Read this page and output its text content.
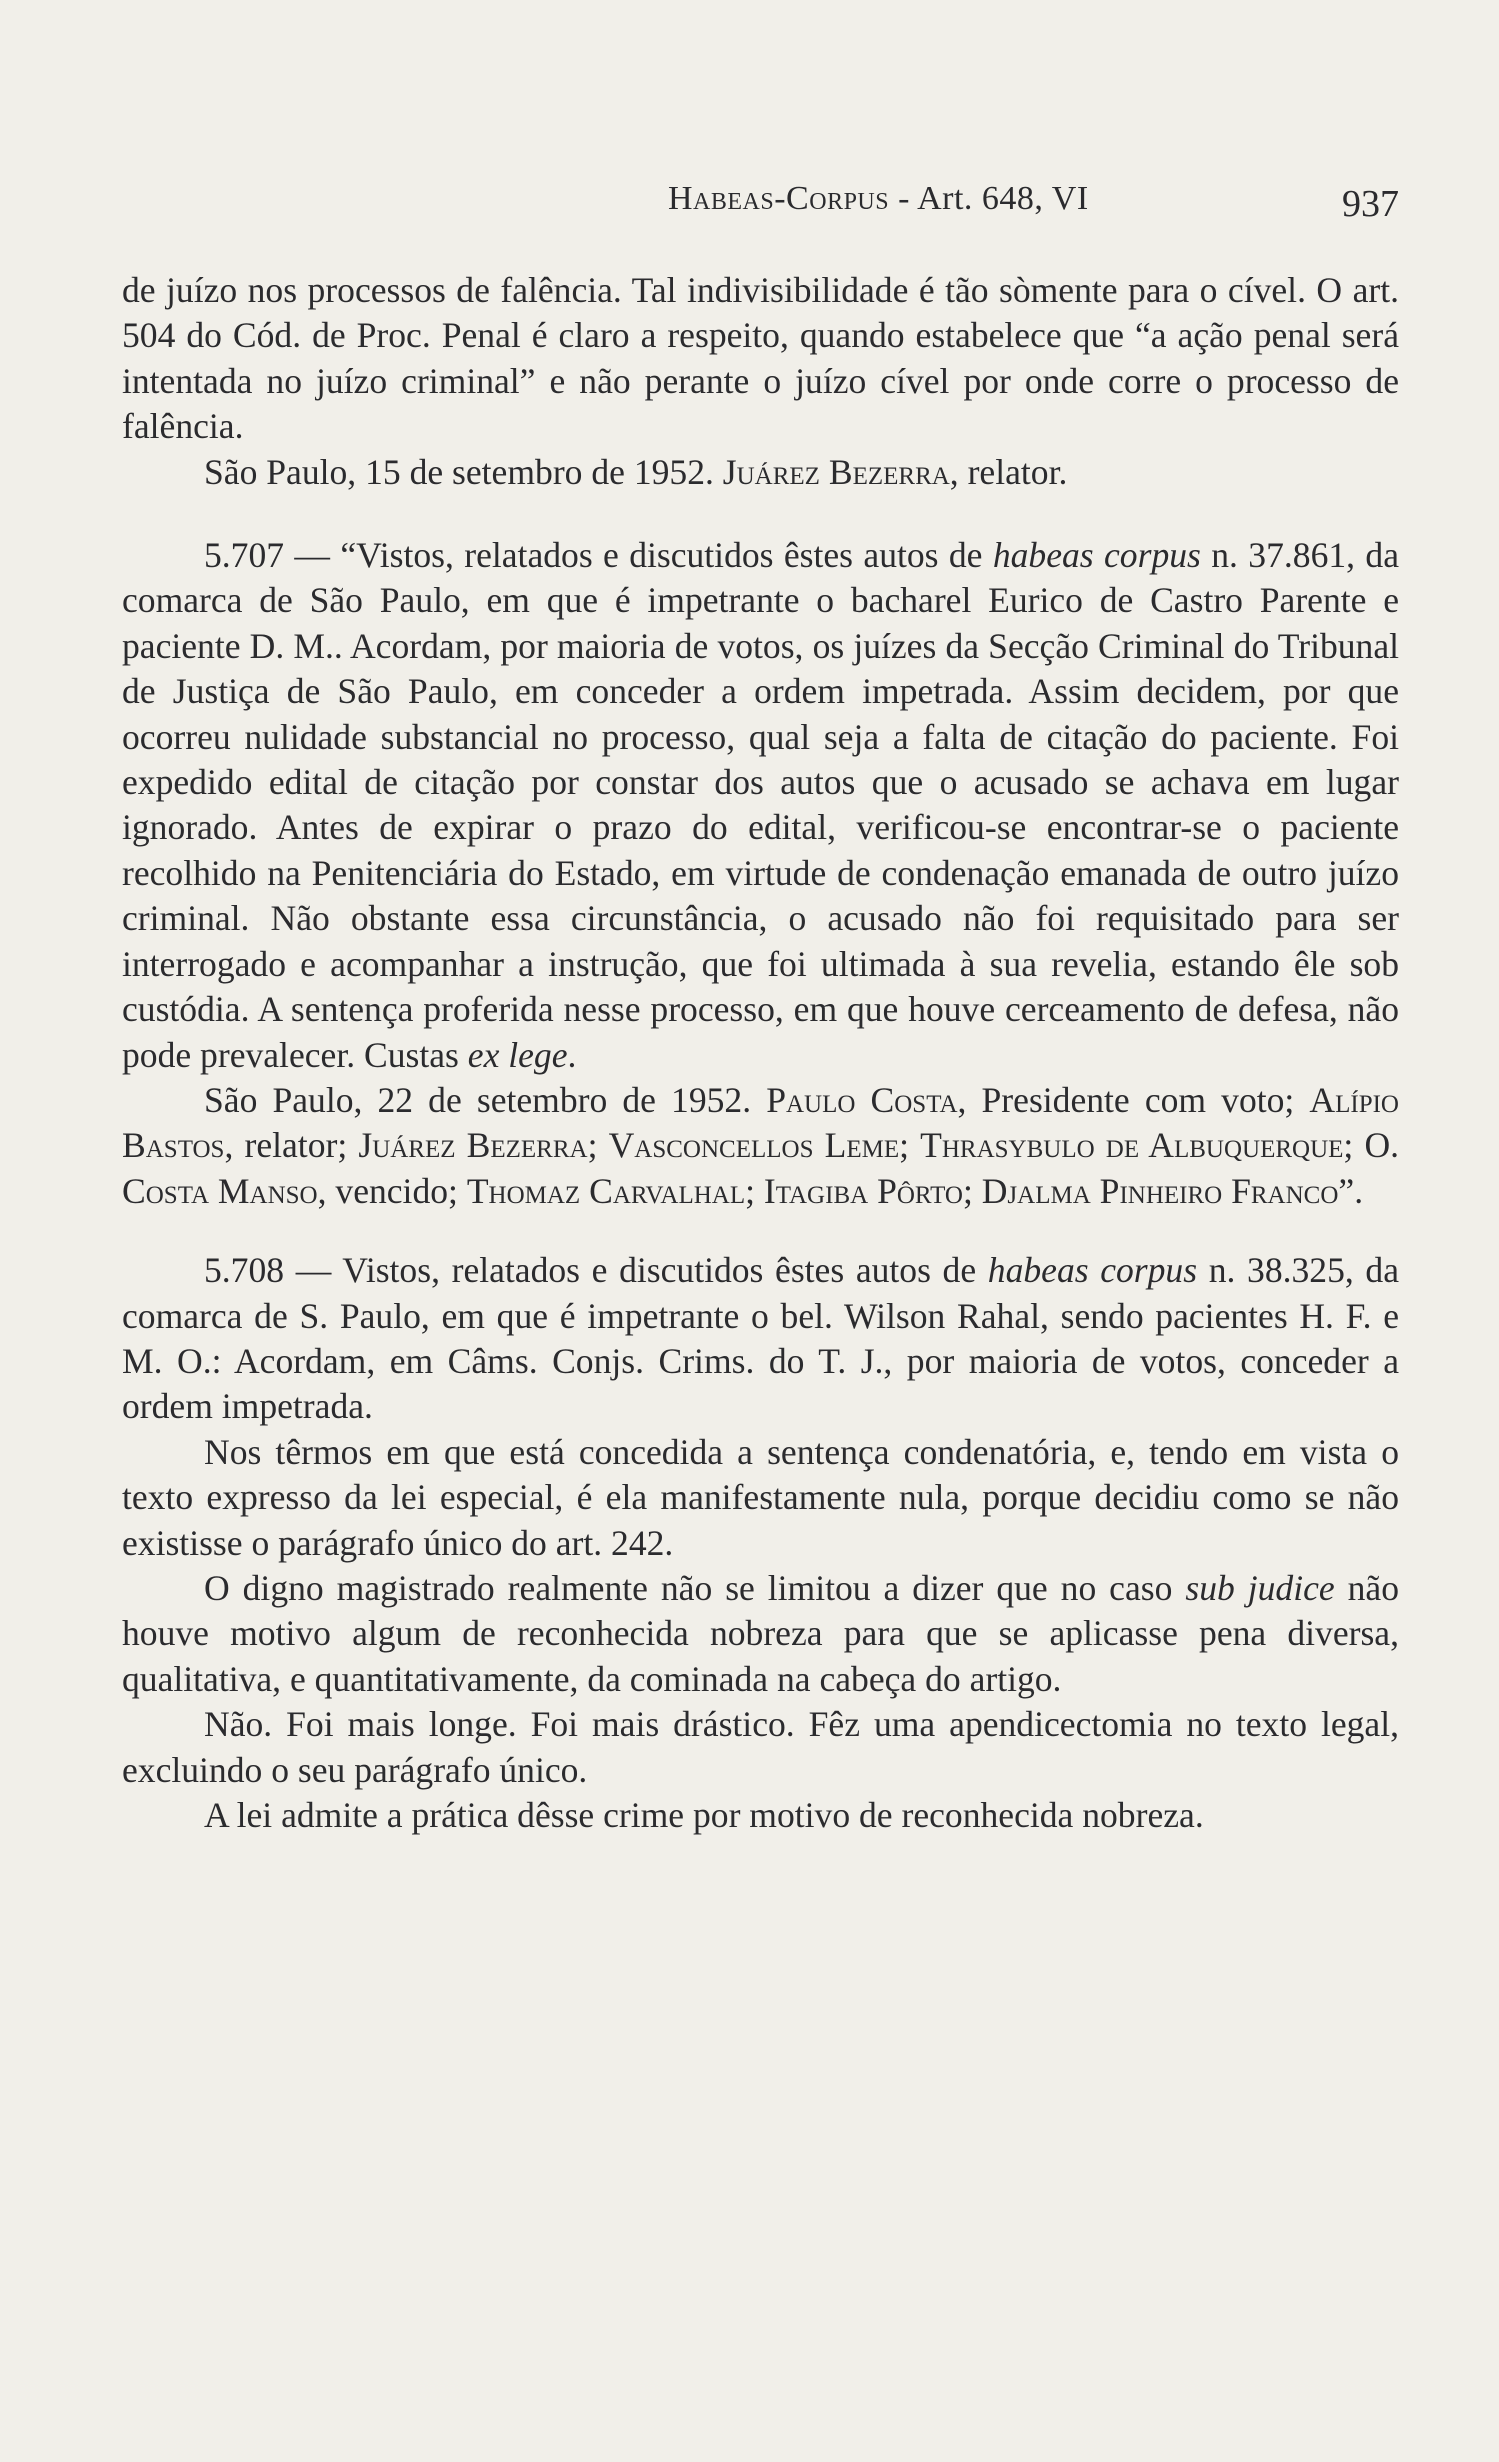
Habeas-Corpus - Art. 648, VI	937

de juízo nos processos de falência. Tal indivisibilidade é tão sòmente para o cível. O art. 504 do Cód. de Proc. Penal é claro a respeito, quando estabelece que “a ação penal será intentada no juízo criminal” e não perante o juízo cível por onde corre o processo de falência.

São Paulo, 15 de setembro de 1952. Juárez Bezerra, relator.

5.707 — “Vistos, relatados e discutidos êstes autos de habeas corpus n. 37.861, da comarca de São Paulo, em que é impetrante o bacharel Eurico de Castro Parente e paciente D. M.. Acordam, por maioria de votos, os juízes da Secção Criminal do Tribunal de Justiça de São Paulo, em conceder a ordem impetrada. Assim decidem, por que ocorreu nulidade substancial no processo, qual seja a falta de citação do paciente. Foi expedido edital de citação por constar dos autos que o acusado se achava em lugar ignorado. Antes de expirar o prazo do edital, verificou-se encontrar-se o paciente recolhido na Penitenciária do Estado, em virtude de condenação emanada de outro juízo criminal. Não obstante essa circunstância, o acusado não foi requisitado para ser interrogado e acompanhar a instrução, que foi ultimada à sua revelia, estando êle sob custódia. A sentença proferida nesse processo, em que houve cerceamento de defesa, não pode prevalecer. Custas ex lege.

São Paulo, 22 de setembro de 1952. Paulo Costa, Presidente com voto; Alípio Bastos, relator; Juárez Bezerra; Vasconcellos Leme; Thrasybulo de Albuquerque; O. Costa Manso, vencido; Thomaz Carvalhal; Itagiba Pôrto; Djalma Pinheiro Franco”.

5.708 — Vistos, relatados e discutidos êstes autos de habeas corpus n. 38.325, da comarca de S. Paulo, em que é impetrante o bel. Wilson Rahal, sendo pacientes H. F. e M. O.: Acordam, em Câms. Conjs. Crims. do T. J., por maioria de votos, conceder a ordem impetrada.

Nos têrmos em que está concedida a sentença condenatória, e, tendo em vista o texto expresso da lei especial, é ela manifestamente nula, porque decidiu como se não existisse o parágrafo único do art. 242.

O digno magistrado realmente não se limitou a dizer que no caso sub judice não houve motivo algum de reconhecida nobreza para que se aplicasse pena diversa, qualitativa, e quantitativamente, da cominada na cabeça do artigo.

Não. Foi mais longe. Foi mais drástico. Fêz uma apendicectomia no texto legal, excluindo o seu parágrafo único.

A lei admite a prática dêsse crime por motivo de reconhecida nobreza.
